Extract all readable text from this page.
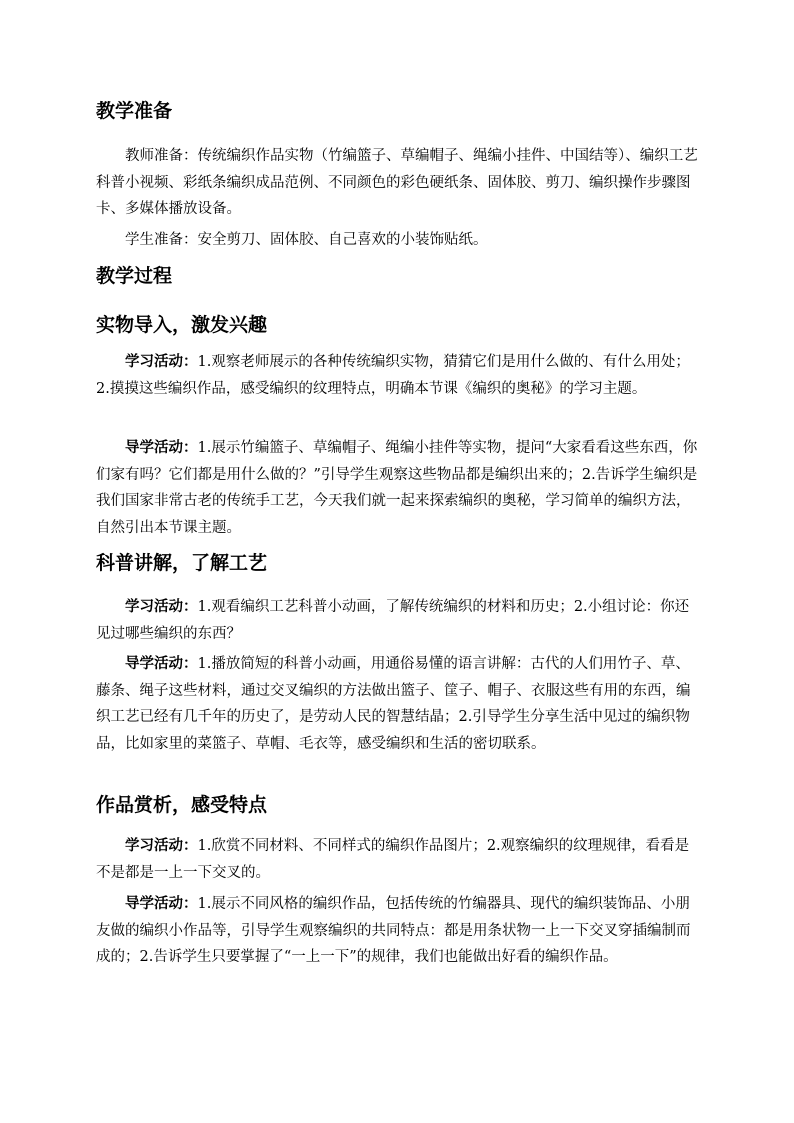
教学准备

教师准备：传统编织作品实物（竹编篮子、草编帽子、绳编小挂件、中国结等）、编织工艺科普小视频、彩纸条编织成品范例、不同颜色的彩色硬纸条、固体胶、剪刀、编织操作步骤图卡、多媒体播放设备。

学生准备：安全剪刀、固体胶、自己喜欢的小装饰贴纸。

教学过程
实物导入，激发兴趣

学习活动：1.观察老师展示的各种传统编织实物，猜猜它们是用什么做的、有什么用处；2.摸摸这些编织作品，感受编织的纹理特点，明确本节课《编织的奥秘》的学习主题。

导学活动：1.展示竹编篮子、草编帽子、绳编小挂件等实物，提问“大家看看这些东西，你们家有吗？它们都是用什么做的？”引导学生观察这些物品都是编织出来的；2.告诉学生编织是我们国家非常古老的传统手工艺，今天我们就一起来探索编织的奥秘，学习简单的编织方法，自然引出本节课主题。

科普讲解，了解工艺

学习活动：1.观看编织工艺科普小动画，了解传统编织的材料和历史；2.小组讨论：你还见过哪些编织的东西？

导学活动：1.播放简短的科普小动画，用通俗易懂的语言讲解：古代的人们用竹子、草、藤条、绳子这些材料，通过交叉编织的方法做出篮子、筐子、帽子、衣服这些有用的东西，编织工艺已经有几千年的历史了，是劳动人民的智慧结晶；2.引导学生分享生活中见过的编织物品，比如家里的菜篮子、草帽、毛衣等，感受编织和生活的密切联系。

作品赏析，感受特点

学习活动：1.欣赏不同材料、不同样式的编织作品图片；2.观察编织的纹理规律，看看是不是都是一上一下交叉的。

导学活动：1.展示不同风格的编织作品，包括传统的竹编器具、现代的编织装饰品、小朋友做的编织小作品等，引导学生观察编织的共同特点：都是用条状物一上一下交叉穿插编制而成的；2.告诉学生只要掌握了“一上一下”的规律，我们也能做出好看的编织作品。
